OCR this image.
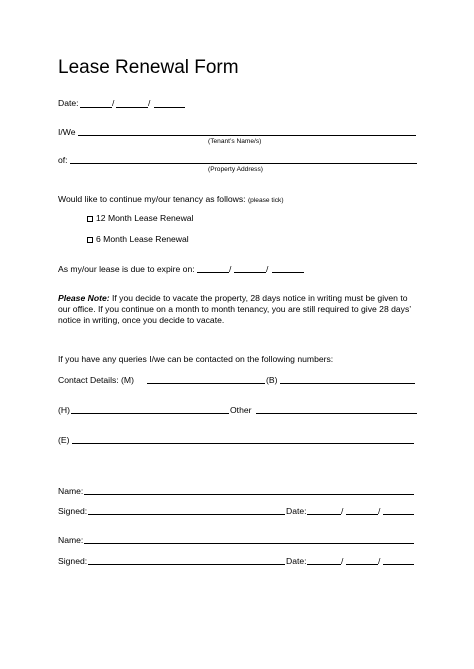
Lease Renewal Form
Date:	/	/
I/We
(Tenant’s Name/s)
of:
(Property Address)
Would like to continue my/our tenancy as follows: (please tick)
12 Month Lease Renewal
6 Month Lease Renewal
As my/our lease is due to expire on:	/	/
Please Note: If you decide to vacate the property, 28 days notice in writing must be given to our office. If you continue on a month to month tenancy, you are still required to give 28 days’ notice in writing, once you decide to vacate.
If you have any queries I/we can be contacted on the following numbers:
Contact Details: (M)	(B)
(H)	Other
(E)
Name:
Signed:	Date:	/	/
Name:
Signed:	Date:	/	/
